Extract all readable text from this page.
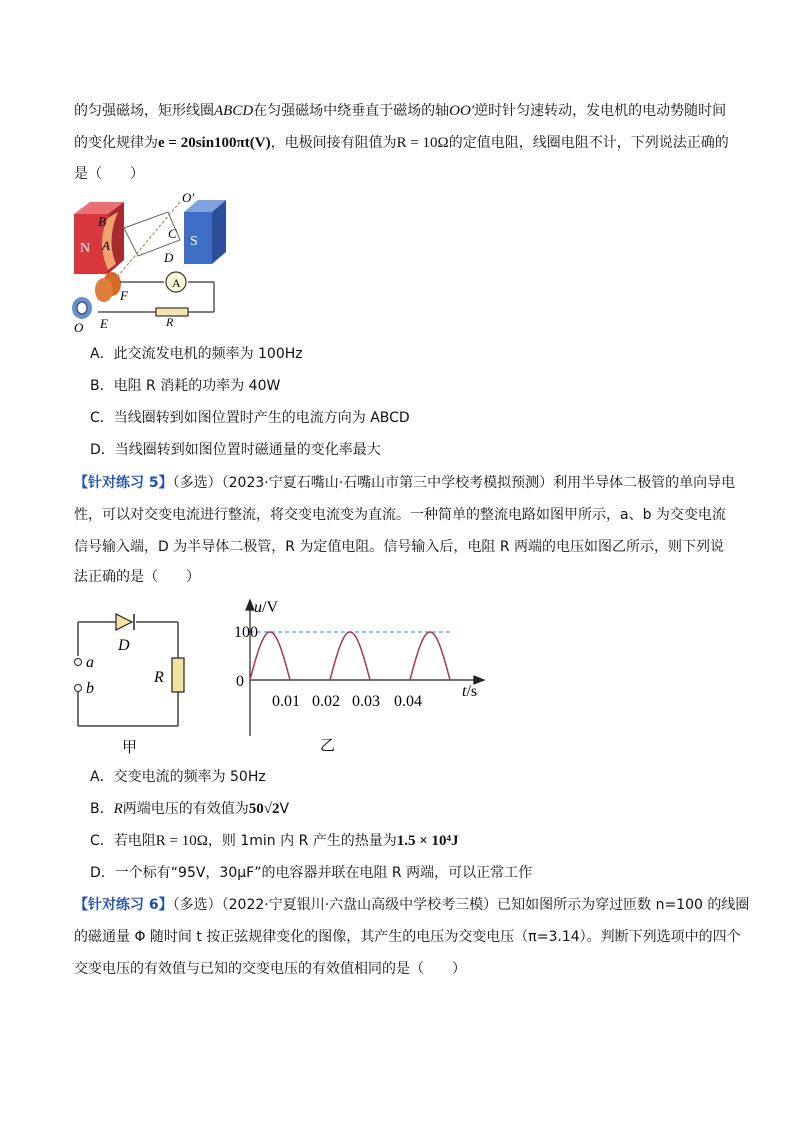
的匀强磁场，矩形线圈ABCD在匀强磁场中绕垂直于磁场的轴OO′逆时针匀速转动，发电机的电动势随时间
的变化规律为e = 20sin100πt(V)，电极间接有阻值为R = 10Ω的定值电阻，线圈电阻不计，下列说法正确的
是（　　）
N	S
A
B
A
C
D
F
E
O
O′
R
A．此交流发电机的频率为 100Hz
B．电阻 R 消耗的功率为 40W
C．当线圈转到如图位置时产生的电流方向为 ABCD
D．当线圈转到如图位置时磁通量的变化率最大
【针对练习 5】（多选）（2023·宁夏石嘴山·石嘴山市第三中学校考模拟预测）利用半导体二极管的单向导电
性，可以对交变电流进行整流，将交变电流变为直流。一种简单的整流电路如图甲所示，a、b 为交变电流
信号输入端，D 为半导体二极管，R 为定值电阻。信号输入后，电阻 R 两端的电压如图乙所示，则下列说
法正确的是（　　）
D
a
b
R
甲
u/V
100
0
0.01 0.02 0.03 0.04
t/s
乙
A．交变电流的频率为 50Hz
B．R两端电压的有效值为50√2V
C．若电阻R = 10Ω，则 1min 内 R 产生的热量为1.5 × 10⁴J
D．一个标有“95V，30μF”的电容器并联在电阻 R 两端，可以正常工作
【针对练习 6】（多选）（2022·宁夏银川·六盘山高级中学校考三模）已知如图所示为穿过匝数 n=100 的线圈
的磁通量 Φ 随时间 t 按正弦规律变化的图像，其产生的电压为交变电压（π=3.14）。判断下列选项中的四个
交变电压的有效值与已知的交变电压的有效值相同的是（　　）
